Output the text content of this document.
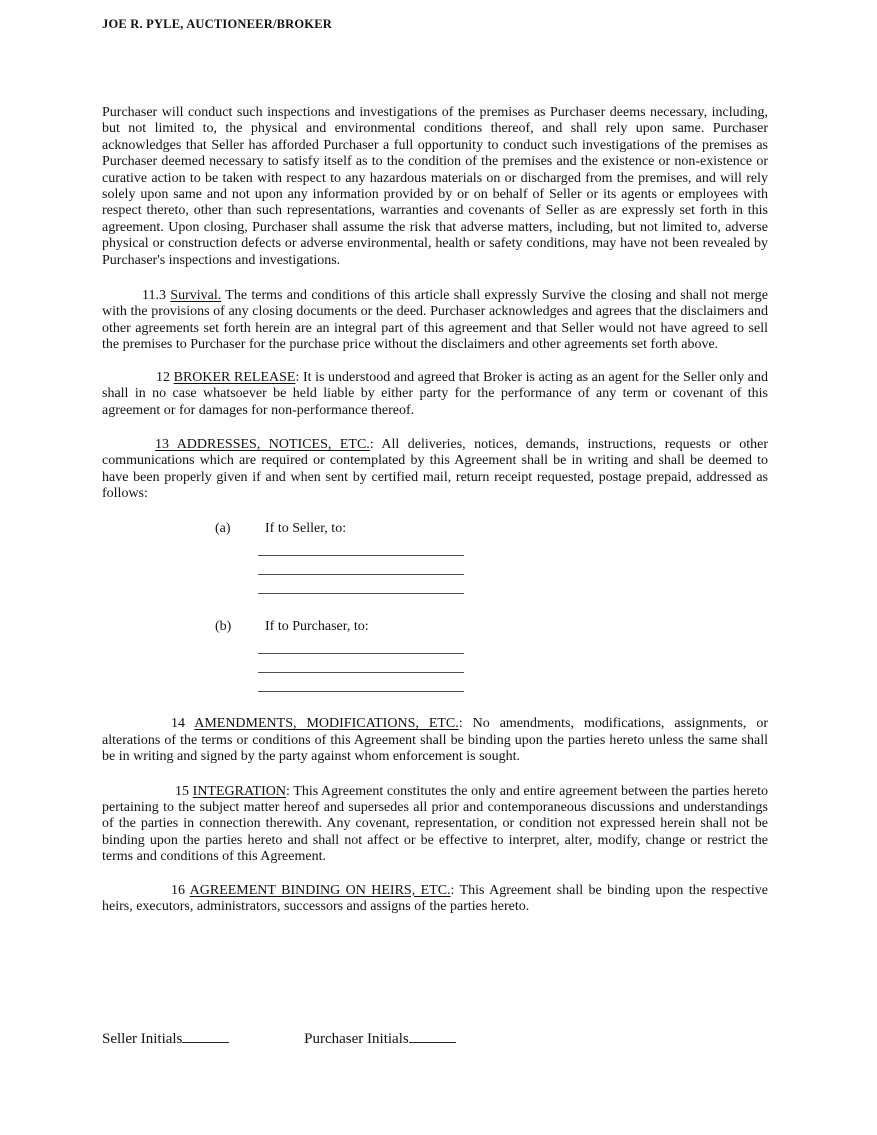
JOE R. PYLE, AUCTIONEER/BROKER

Purchaser will conduct such inspections and investigations of the premises as Purchaser deems necessary, including, but not limited to, the physical and environmental conditions thereof, and shall rely upon same. Purchaser acknowledges that Seller has afforded Purchaser a full opportunity to conduct such investigations of the premises as Purchaser deemed necessary to satisfy itself as to the condition of the premises and the existence or non-existence or curative action to be taken with respect to any hazardous materials on or discharged from the premises, and will rely solely upon same and not upon any information provided by or on behalf of Seller or its agents or employees with respect thereto, other than such representations, warranties and covenants of Seller as are expressly set forth in this agreement. Upon closing, Purchaser shall assume the risk that adverse matters, including, but not limited to, adverse physical or construction defects or adverse environmental, health or safety conditions, may have not been revealed by Purchaser's inspections and investigations.

11.3 Survival. The terms and conditions of this article shall expressly Survive the closing and shall not merge with the provisions of any closing documents or the deed. Purchaser acknowledges and agrees that the disclaimers and other agreements set forth herein are an integral part of this agreement and that Seller would not have agreed to sell the premises to Purchaser for the purchase price without the disclaimers and other agreements set forth above.

12 BROKER RELEASE: It is understood and agreed that Broker is acting as an agent for the Seller only and shall in no case whatsoever be held liable by either party for the performance of any term or covenant of this agreement or for damages for non-performance thereof.

13 ADDRESSES, NOTICES, ETC.: All deliveries, notices, demands, instructions, requests or other communications which are required or contemplated by this Agreement shall be in writing and shall be deemed to have been properly given if and when sent by certified mail, return receipt requested, postage prepaid, addressed as follows:

(a)	If to Seller, to:
(b)	If to Purchaser, to:

14 AMENDMENTS, MODIFICATIONS, ETC.: No amendments, modifications, assignments, or alterations of the terms or conditions of this Agreement shall be binding upon the parties hereto unless the same shall be in writing and signed by the party against whom enforcement is sought.

15 INTEGRATION: This Agreement constitutes the only and entire agreement between the parties hereto pertaining to the subject matter hereof and supersedes all prior and contemporaneous discussions and understandings of the parties in connection therewith. Any covenant, representation, or condition not expressed herein shall not be binding upon the parties hereto and shall not affect or be effective to interpret, alter, modify, change or restrict the terms and conditions of this Agreement.

16 AGREEMENT BINDING ON HEIRS, ETC.: This Agreement shall be binding upon the respective heirs, executors, administrators, successors and assigns of the parties hereto.

Seller Initials	Purchaser Initials
